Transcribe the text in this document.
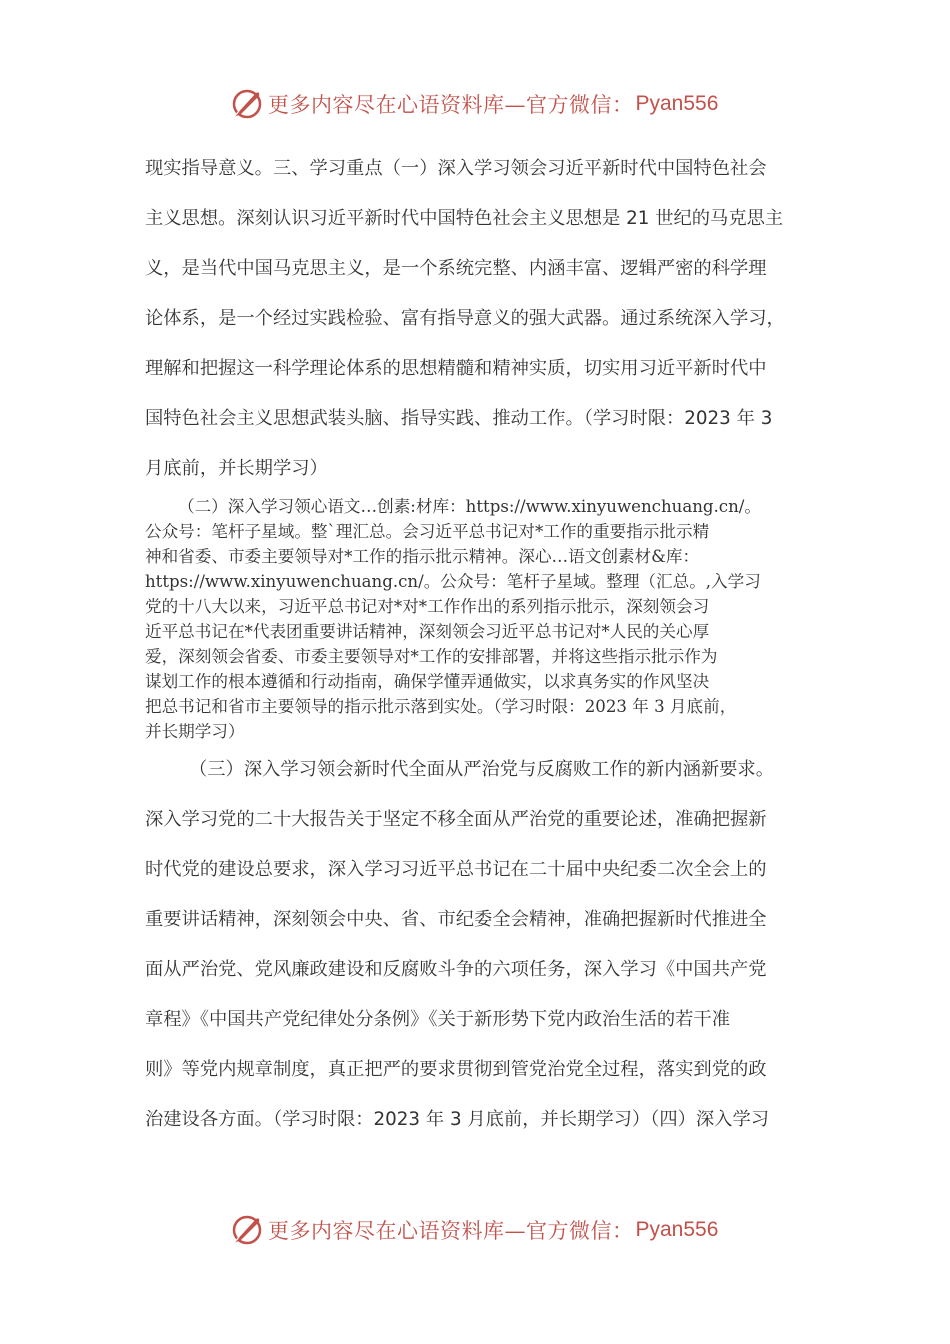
更多内容尽在心语资料库—官方微信： Pyan556

现实指导意义。三、学习重点（一）深入学习领会习近平新时代中国特色社会
主义思想。深刻认识习近平新时代中国特色社会主义思想是 21 世纪的马克思主
义，是当代中国马克思主义，是一个系统完整、内涵丰富、逻辑严密的科学理
论体系，是一个经过实践检验、富有指导意义的强大武器。通过系统深入学习，
理解和把握这一科学理论体系的思想精髓和精神实质，切实用习近平新时代中
国特色社会主义思想武装头脑、指导实践、推动工作。（学习时限：2023 年 3
月底前，并长期学习）

（二）深入学习领心语文…创素:材库：https://www.xinyuwenchuang.cn/。
公众号：笔杆子星域。整`理汇总。会习近平总书记对*工作的重要指示批示精
神和省委、市委主要领导对*工作的指示批示精神。深心…语文创素材&库：
https://www.xinyuwenchuang.cn/。公众号：笔杆子星域。整理（汇总。,入学习
党的十八大以来，习近平总书记对*对*工作作出的系列指示批示，深刻领会习
近平总书记在*代表团重要讲话精神，深刻领会习近平总书记对*人民的关心厚
爱，深刻领会省委、市委主要领导对*工作的安排部署，并将这些指示批示作为
谋划工作的根本遵循和行动指南，确保学懂弄通做实，以求真务实的作风坚决
把总书记和省市主要领导的指示批示落到实处。（学习时限：2023 年 3 月底前，
并长期学习）

（三）深入学习领会新时代全面从严治党与反腐败工作的新内涵新要求。
深入学习党的二十大报告关于坚定不移全面从严治党的重要论述，准确把握新
时代党的建设总要求，深入学习习近平总书记在二十届中央纪委二次全会上的
重要讲话精神，深刻领会中央、省、市纪委全会精神，准确把握新时代推进全
面从严治党、党风廉政建设和反腐败斗争的六项任务，深入学习《中国共产党
章程》《中国共产党纪律处分条例》《关于新形势下党内政治生活的若干准
则》等党内规章制度，真正把严的要求贯彻到管党治党全过程，落实到党的政
治建设各方面。（学习时限：2023 年 3 月底前，并长期学习）（四）深入学习

更多内容尽在心语资料库—官方微信： Pyan556
